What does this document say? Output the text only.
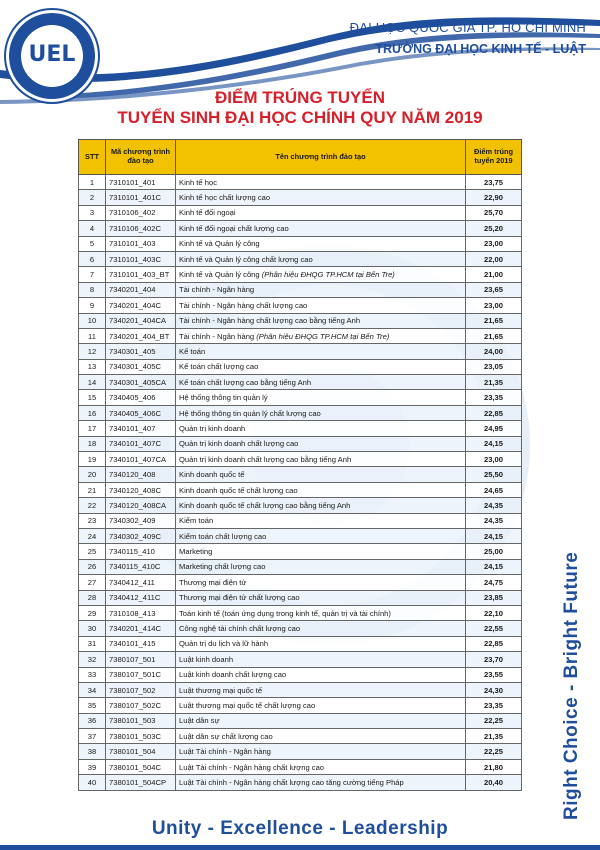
UEL
ĐẠI HỌC QUỐC GIA TP. HỒ CHÍ MINH
TRƯỜNG ĐẠI HỌC KINH TẾ - LUẬT
ĐIỂM TRÚNG TUYỂN
TUYỂN SINH ĐẠI HỌC CHÍNH QUY NĂM 2019
STT	Mã chương trình đào tạo	Tên chương trình đào tạo	Điểm trúng tuyển 2019
1	7310101_401	Kinh tế học	23,75
2	7310101_401C	Kinh tế học chất lượng cao	22,90
3	7310106_402	Kinh tế đối ngoại	25,70
4	7310106_402C	Kinh tế đối ngoại chất lượng cao	25,20
5	7310101_403	Kinh tế và Quản lý công	23,00
6	7310101_403C	Kinh tế và Quản lý công chất lượng cao	22,00
7	7310101_403_BT	Kinh tế và Quản lý công (Phân hiệu ĐHQG TP.HCM tại Bến Tre)	21,00
8	7340201_404	Tài chính - Ngân hàng	23,65
9	7340201_404C	Tài chính - Ngân hàng chất lượng cao	23,00
10	7340201_404CA	Tài chính - Ngân hàng chất lượng cao bằng tiếng Anh	21,65
11	7340201_404_BT	Tài chính - Ngân hàng (Phân hiệu ĐHQG TP.HCM tại Bến Tre)	21,65
12	7340301_405	Kế toán	24,00
13	7340301_405C	Kế toán chất lượng cao	23,05
14	7340301_405CA	Kế toán chất lượng cao bằng tiếng Anh	21,35
15	7340405_406	Hệ thống thông tin quản lý	23,35
16	7340405_406C	Hệ thống thông tin quản lý chất lượng cao	22,85
17	7340101_407	Quản trị kinh doanh	24,95
18	7340101_407C	Quản trị kinh doanh chất lượng cao	24,15
19	7340101_407CA	Quản trị kinh doanh chất lượng cao bằng tiếng Anh	23,00
20	7340120_408	Kinh doanh quốc tế	25,50
21	7340120_408C	Kinh doanh quốc tế chất lượng cao	24,65
22	7340120_408CA	Kinh doanh quốc tế chất lượng cao bằng tiếng Anh	24,35
23	7340302_409	Kiểm toán	24,35
24	7340302_409C	Kiểm toán chất lượng cao	24,15
25	7340115_410	Marketing	25,00
26	7340115_410C	Marketing chất lượng cao	24,15
27	7340412_411	Thương mại điện tử	24,75
28	7340412_411C	Thương mại điện tử chất lượng cao	23,85
29	7310108_413	Toán kinh tế (toán ứng dụng trong kinh tế, quản trị và tài chính)	22,10
30	7340201_414C	Công nghệ tài chính chất lượng cao	22,55
31	7340101_415	Quản trị du lịch và lữ hành	22,85
32	7380107_501	Luật kinh doanh	23,70
33	7380107_501C	Luật kinh doanh chất lượng cao	23,55
34	7380107_502	Luật thương mại quốc tế	24,30
35	7380107_502C	Luật thương mại quốc tế chất lượng cao	23,35
36	7380101_503	Luật dân sự	22,25
37	7380101_503C	Luật dân sự chất lượng cao	21,35
38	7380101_504	Luật Tài chính - Ngân hàng	22,25
39	7380101_504C	Luật Tài chính - Ngân hàng chất lượng cao	21,80
40	7380101_504CP	Luật Tài chính - Ngân hàng chất lượng cao tăng cường tiếng Pháp	20,40	Right Choice - Bright Future
Unity - Excellence - Leadership
